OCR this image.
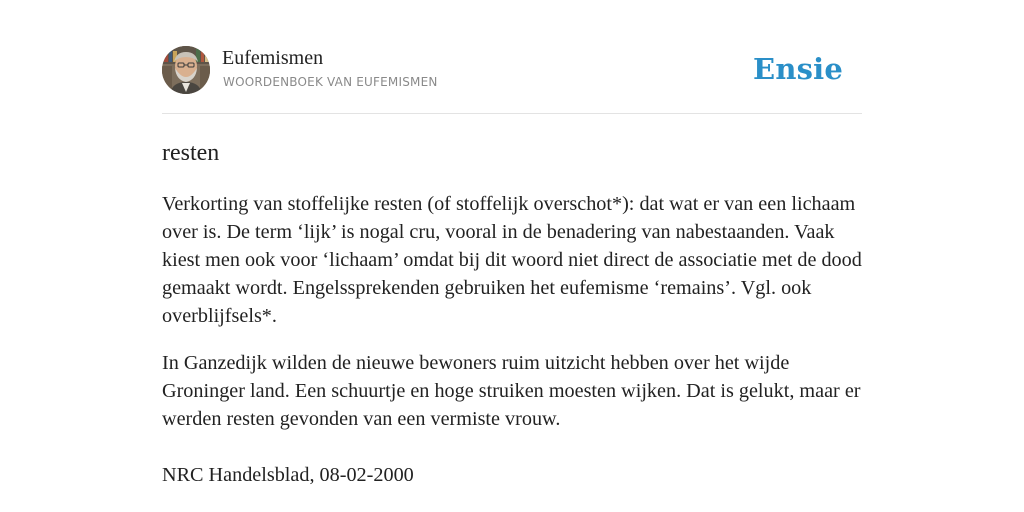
Eufemismen
WOORDENBOEK VAN EUFEMISMEN	Ensie
resten

Verkorting van stoffelijke resten (of stoffelijk overschot*): dat wat er van een lichaam over is. De term ‘lijk’ is nogal cru, vooral in de benadering van nabestaanden. Vaak kiest men ook voor ‘lichaam’ omdat bij dit woord niet direct de associatie met de dood gemaakt wordt. Engelssprekenden gebruiken het eufemisme ‘remains’. Vgl. ook overblijfsels*.

In Ganzedijk wilden de nieuwe bewoners ruim uitzicht hebben over het wijde Groninger land. Een schuurtje en hoge struiken moesten wijken. Dat is gelukt, maar er werden resten gevonden van een vermiste vrouw.

NRC Handelsblad, 08-02-2000
